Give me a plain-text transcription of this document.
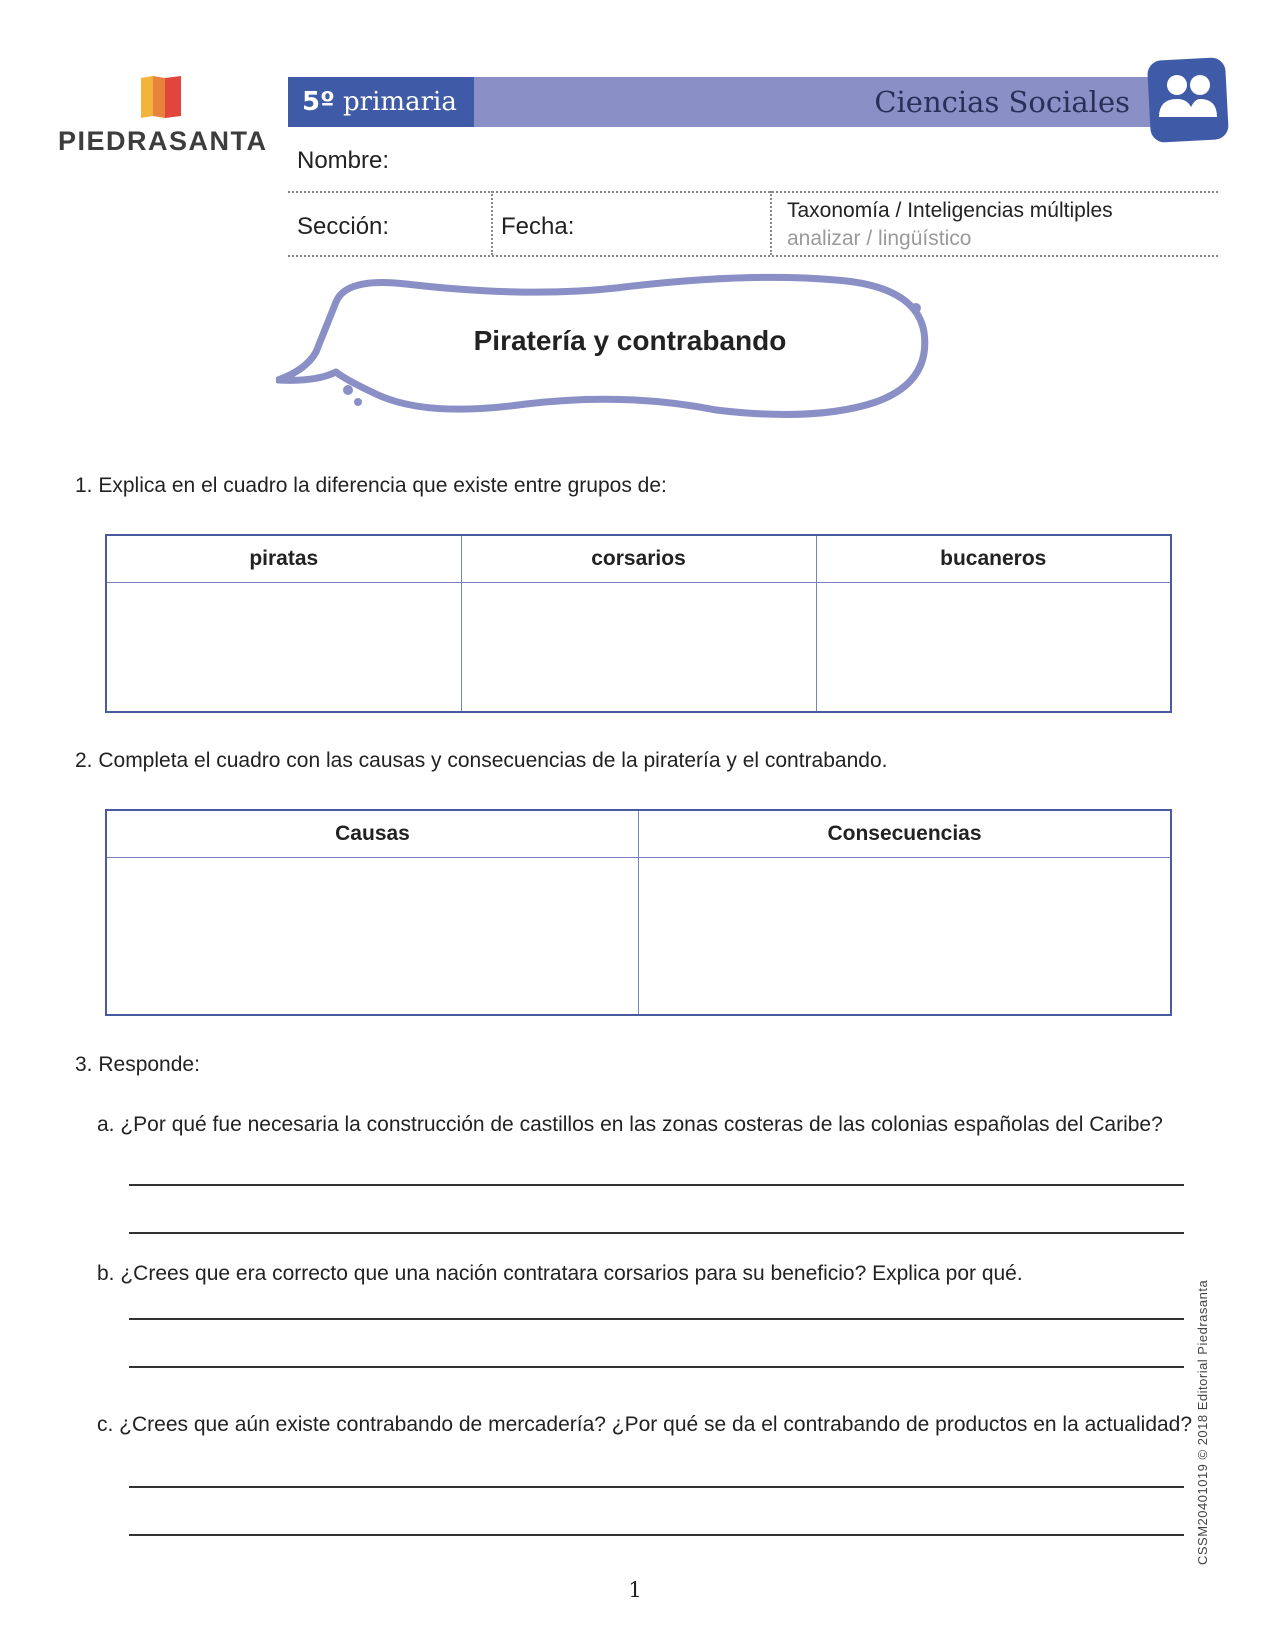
PIEDRASANTA
5º primaria	Ciencias Sociales
Nombre:
Sección:	Fecha:
Taxonomía / Inteligencias múltiples
analizar / lingüístico
Piratería y contrabando
1. Explica en el cuadro la diferencia que existe entre grupos de:
piratas	corsarios	bucaneros

2. Completa el cuadro con las causas y consecuencias de la piratería y el contrabando.
Causas	Consecuencias

3. Responde:
a. ¿Por qué fue necesaria la construcción de castillos en las zonas costeras de las colonias españolas del Caribe?
b. ¿Crees que era correcto que una nación contratara corsarios para su beneficio? Explica por qué.
c. ¿Crees que aún existe contrabando de mercadería? ¿Por qué se da el contrabando de productos en la actualidad? CSSM20401019 © 2018 Editorial Piedrasanta
1
